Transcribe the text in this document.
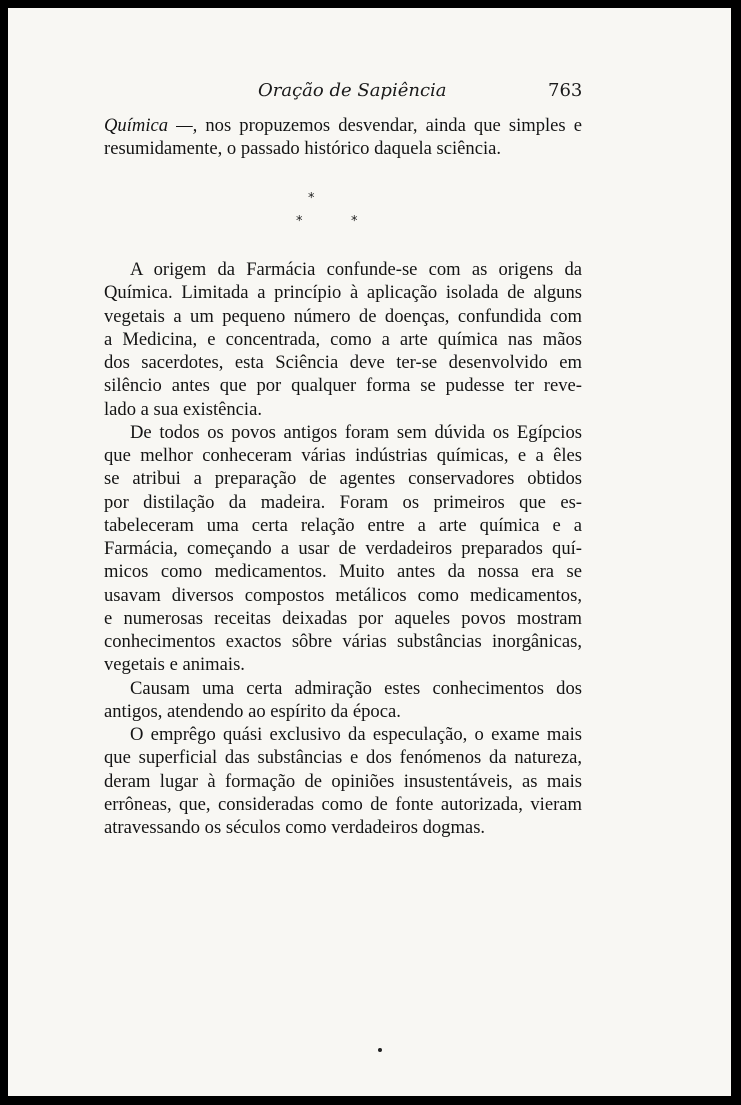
Oração de Sapiência	763
Química —, nos propuzemos desvendar, ainda que simples e
resumidamente, o passado histórico daquela sciência.
*
*	*
A origem da Farmácia confunde-se com as origens da
Química. Limitada a princípio à aplicação isolada de alguns
vegetais a um pequeno número de doenças, confundida com
a Medicina, e concentrada, como a arte química nas mãos
dos sacerdotes, esta Sciência deve ter-se desenvolvido em
silêncio antes que por qualquer forma se pudesse ter reve-
lado a sua existência.
De todos os povos antigos foram sem dúvida os Egípcios
que melhor conheceram várias indústrias químicas, e a êles
se atribui a preparação de agentes conservadores obtidos
por distilação da madeira. Foram os primeiros que es-
tabeleceram uma certa relação entre a arte química e a
Farmácia, começando a usar de verdadeiros preparados quí-
micos como medicamentos. Muito antes da nossa era se
usavam diversos compostos metálicos como medicamentos,
e numerosas receitas deixadas por aqueles povos mostram
conhecimentos exactos sôbre várias substâncias inorgânicas,
vegetais e animais.
Causam uma certa admiração estes conhecimentos dos
antigos, atendendo ao espírito da época.
O emprêgo quási exclusivo da especulação, o exame mais
que superficial das substâncias e dos fenómenos da natureza,
deram lugar à formação de opiniões insustentáveis, as mais
errôneas, que, consideradas como de fonte autorizada, vieram
atravessando os séculos como verdadeiros dogmas.
